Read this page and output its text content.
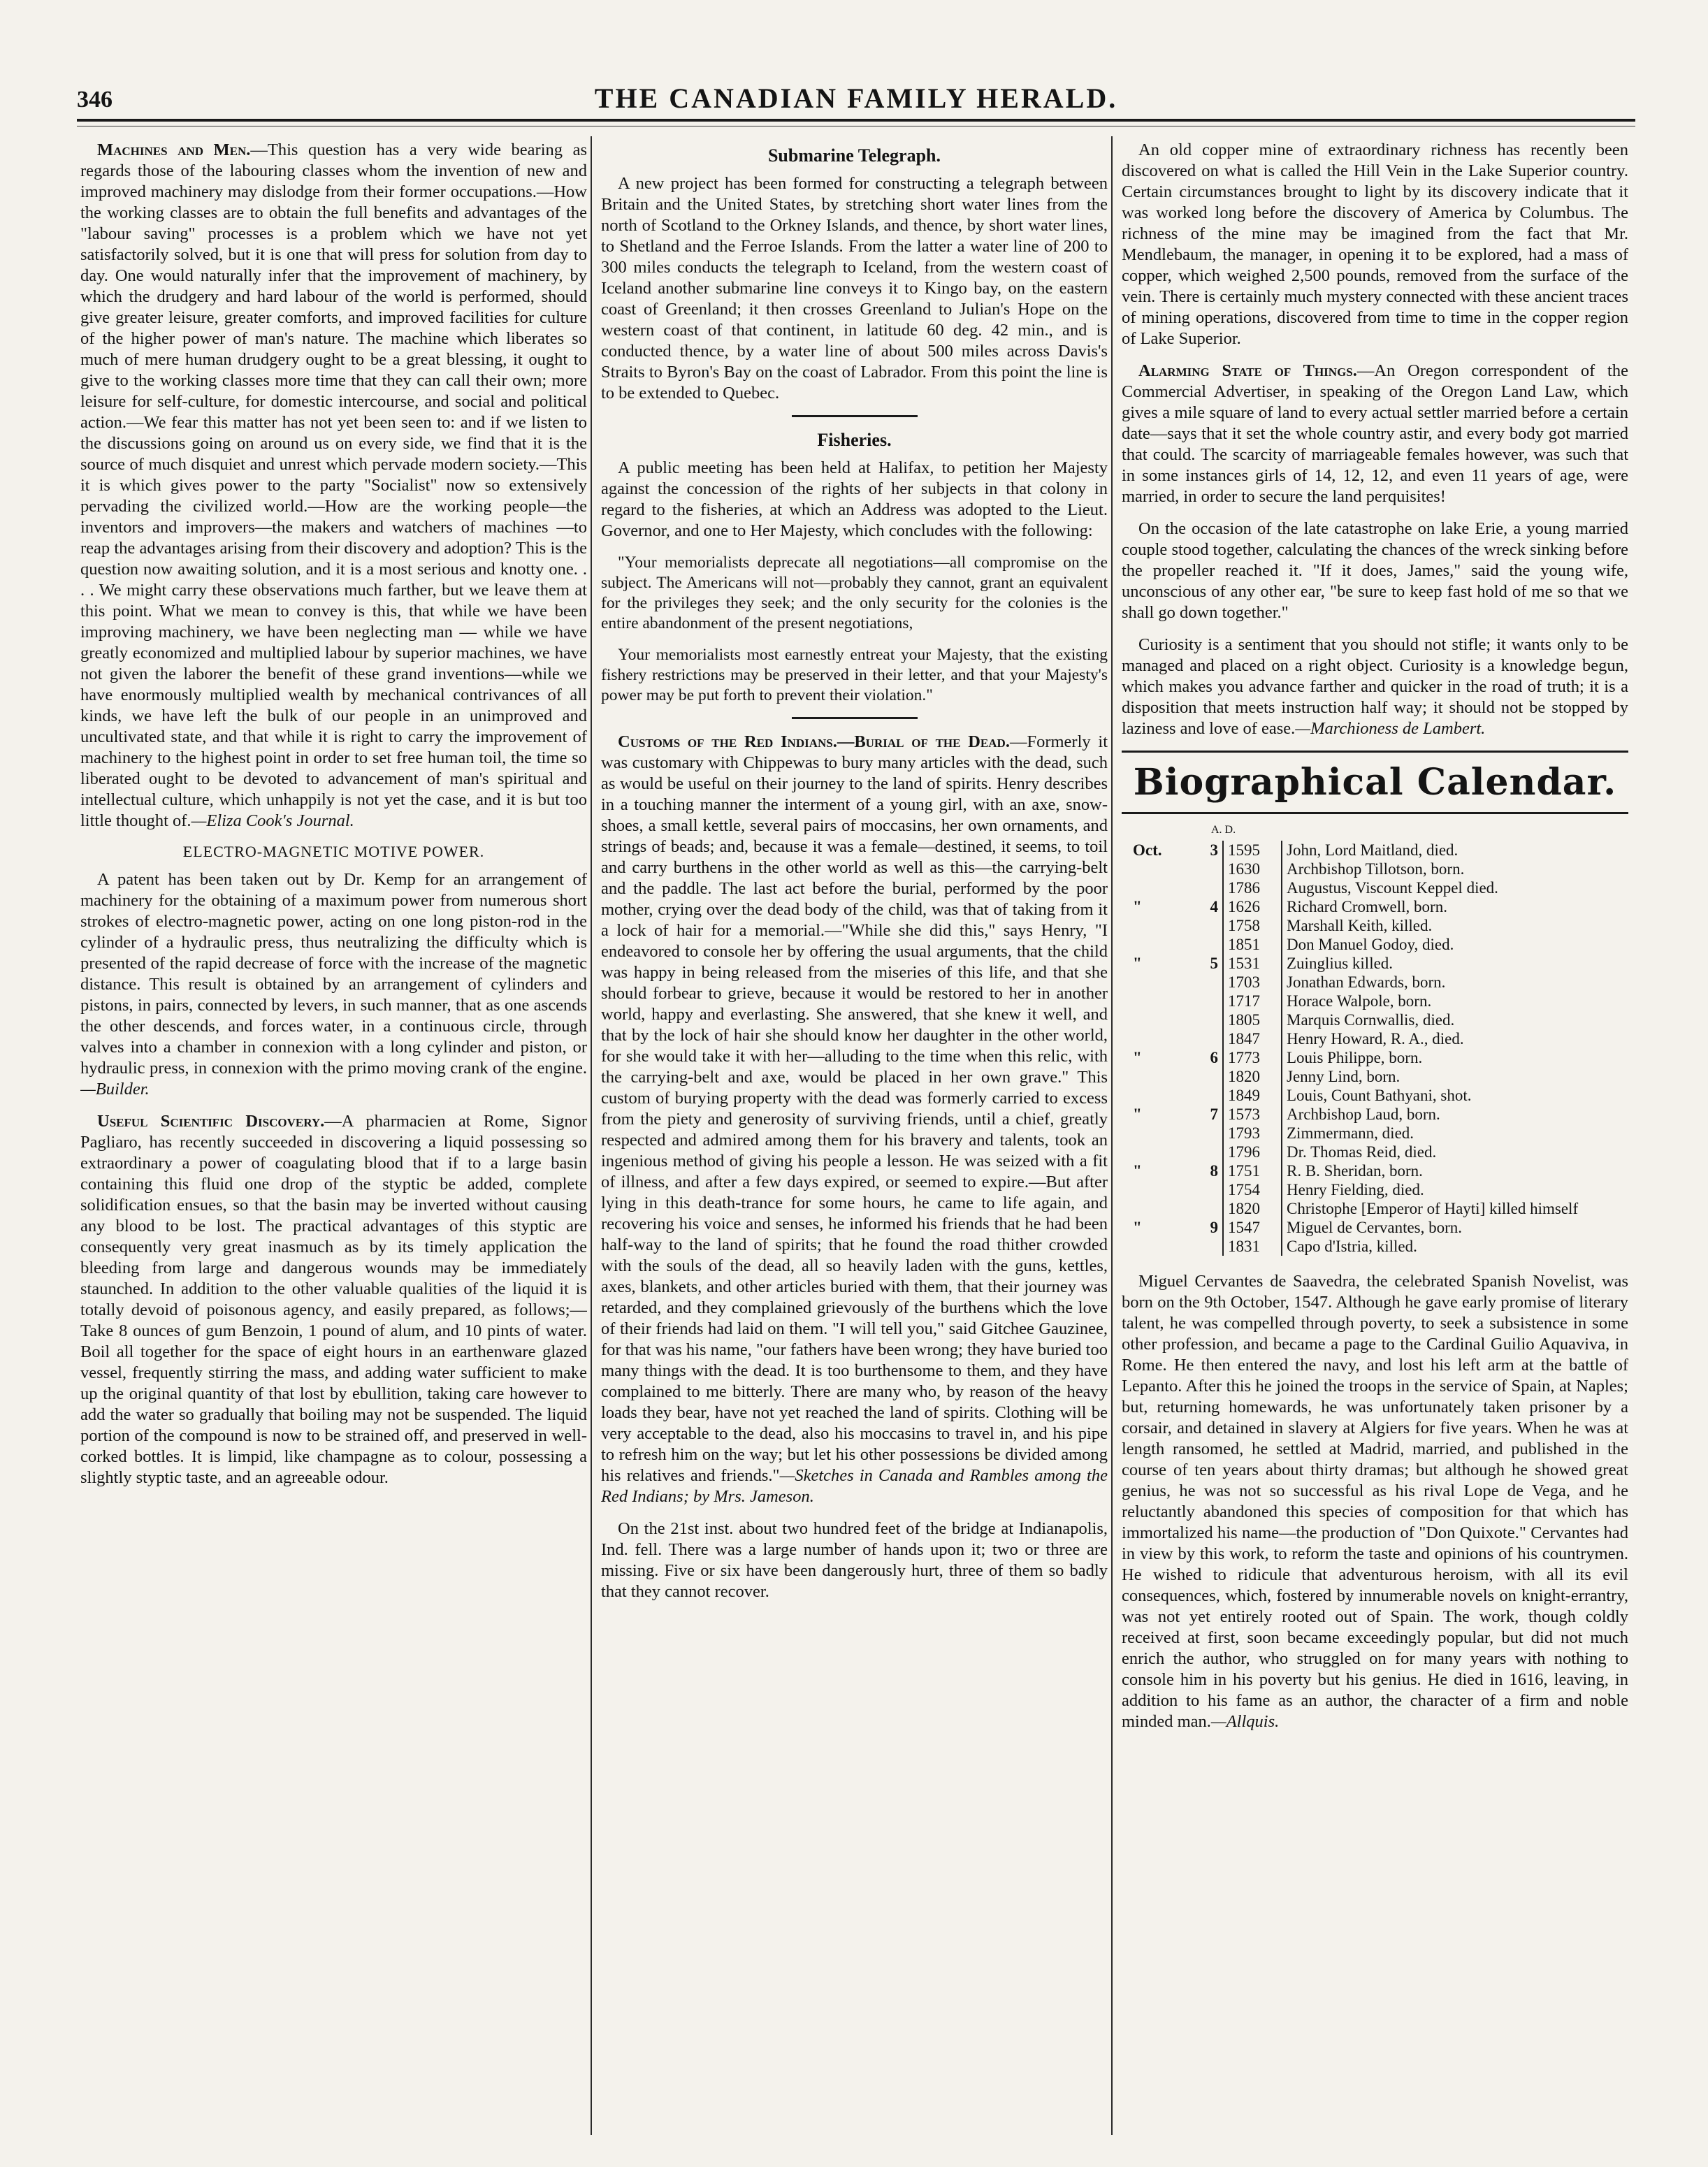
346	THE CANADIAN FAMILY HERALD.

Machines and Men.—This question has a very wide bearing as regards those of the labouring classes whom the invention of new and improved machinery may dislodge from their former occupations.—How the working classes are to obtain the full benefits and advantages of the "labour saving" processes is a problem which we have not yet satisfactorily solved, but it is one that will press for solution from day to day. One would naturally infer that the improvement of machinery, by which the drudgery and hard labour of the world is performed, should give greater leisure, greater comforts, and improved facilities for culture of the higher power of man's nature. The machine which liberates so much of mere human drudgery ought to be a great blessing, it ought to give to the working classes more time that they can call their own; more leisure for self-culture, for domestic intercourse, and social and political action.—We fear this matter has not yet been seen to: and if we listen to the discussions going on around us on every side, we find that it is the source of much disquiet and unrest which pervade modern society.—This it is which gives power to the party "Socialist" now so extensively pervading the civilized world.—How are the working people—the inventors and improvers—the makers and watchers of machines —to reap the advantages arising from their discovery and adoption? This is the question now awaiting solution, and it is a most serious and knotty one. . . . We might carry these observations much farther, but we leave them at this point. What we mean to convey is this, that while we have been improving machinery, we have been neglecting man — while we have greatly economized and multiplied labour by superior machines, we have not given the laborer the benefit of these grand inventions—while we have enormously multiplied wealth by mechanical contrivances of all kinds, we have left the bulk of our people in an unimproved and uncultivated state, and that while it is right to carry the improvement of machinery to the highest point in order to set free human toil, the time so liberated ought to be devoted to advancement of man's spiritual and intellectual culture, which unhappily is not yet the case, and it is but too little thought of.—Eliza Cook's Journal.

ELECTRO-MAGNETIC MOTIVE POWER.

A patent has been taken out by Dr. Kemp for an arrangement of machinery for the obtaining of a maximum power from numerous short strokes of electro-magnetic power, acting on one long piston-rod in the cylinder of a hydraulic press, thus neutralizing the difficulty which is presented of the rapid decrease of force with the increase of the magnetic distance. This result is obtained by an arrangement of cylinders and pistons, in pairs, connected by levers, in such manner, that as one ascends the other descends, and forces water, in a continuous circle, through valves into a chamber in connexion with a long cylinder and piston, or hydraulic press, in connexion with the primo moving crank of the engine.—Builder.

Useful Scientific Discovery.—A pharmacien at Rome, Signor Pagliaro, has recently succeeded in discovering a liquid possessing so extraordinary a power of coagulating blood that if to a large basin containing this fluid one drop of the styptic be added, complete solidification ensues, so that the basin may be inverted without causing any blood to be lost. The practical advantages of this styptic are consequently very great inasmuch as by its timely application the bleeding from large and dangerous wounds may be immediately staunched. In addition to the other valuable qualities of the liquid it is totally devoid of poisonous agency, and easily prepared, as follows;—Take 8 ounces of gum Benzoin, 1 pound of alum, and 10 pints of water. Boil all together for the space of eight hours in an earthenware glazed vessel, frequently stirring the mass, and adding water sufficient to make up the original quantity of that lost by ebullition, taking care however to add the water so gradually that boiling may not be suspended. The liquid portion of the compound is now to be strained off, and preserved in well-corked bottles. It is limpid, like champagne as to colour, possessing a slightly styptic taste, and an agreeable odour.

Submarine Telegraph.

A new project has been formed for constructing a telegraph between Britain and the United States, by stretching short water lines from the north of Scotland to the Orkney Islands, and thence, by short water lines, to Shetland and the Ferroe Islands. From the latter a water line of 200 to 300 miles conducts the telegraph to Iceland, from the western coast of Iceland another submarine line conveys it to Kingo bay, on the eastern coast of Greenland; it then crosses Greenland to Julian's Hope on the western coast of that continent, in latitude 60 deg. 42 min., and is conducted thence, by a water line of about 500 miles across Davis's Straits to Byron's Bay on the coast of Labrador. From this point the line is to be extended to Quebec.

Fisheries.

A public meeting has been held at Halifax, to petition her Majesty against the concession of the rights of her subjects in that colony in regard to the fisheries, at which an Address was adopted to the Lieut. Governor, and one to Her Majesty, which concludes with the following:

"Your memorialists deprecate all negotiations—all compromise on the subject. The Americans will not—probably they cannot, grant an equivalent for the privileges they seek; and the only security for the colonies is the entire abandonment of the present negotiations,

Your memorialists most earnestly entreat your Majesty, that the existing fishery restrictions may be preserved in their letter, and that your Majesty's power may be put forth to prevent their violation."

Customs of the Red Indians.—Burial of the Dead.—Formerly it was customary with Chippewas to bury many articles with the dead, such as would be useful on their journey to the land of spirits. Henry describes in a touching manner the interment of a young girl, with an axe, snow-shoes, a small kettle, several pairs of moccasins, her own ornaments, and strings of beads; and, because it was a female—destined, it seems, to toil and carry burthens in the other world as well as this—the carrying-belt and the paddle. The last act before the burial, performed by the poor mother, crying over the dead body of the child, was that of taking from it a lock of hair for a memorial.—"While she did this," says Henry, "I endeavored to console her by offering the usual arguments, that the child was happy in being released from the miseries of this life, and that she should forbear to grieve, because it would be restored to her in another world, happy and everlasting. She answered, that she knew it well, and that by the lock of hair she should know her daughter in the other world, for she would take it with her—alluding to the time when this relic, with the carrying-belt and axe, would be placed in her own grave." This custom of burying property with the dead was formerly carried to excess from the piety and generosity of surviving friends, until a chief, greatly respected and admired among them for his bravery and talents, took an ingenious method of giving his people a lesson. He was seized with a fit of illness, and after a few days expired, or seemed to expire.—But after lying in this death-trance for some hours, he came to life again, and recovering his voice and senses, he informed his friends that he had been half-way to the land of spirits; that he found the road thither crowded with the souls of the dead, all so heavily laden with the guns, kettles, axes, blankets, and other articles buried with them, that their journey was retarded, and they complained grievously of the burthens which the love of their friends had laid on them. "I will tell you," said Gitchee Gauzinee, for that was his name, "our fathers have been wrong; they have buried too many things with the dead. It is too burthensome to them, and they have complained to me bitterly. There are many who, by reason of the heavy loads they bear, have not yet reached the land of spirits. Clothing will be very acceptable to the dead, also his moccasins to travel in, and his pipe to refresh him on the way; but let his other possessions be divided among his relatives and friends."—Sketches in Canada and Rambles among the Red Indians; by Mrs. Jameson.

On the 21st inst. about two hundred feet of the bridge at Indianapolis, Ind. fell. There was a large number of hands upon it; two or three are missing. Five or six have been dangerously hurt, three of them so badly that they cannot recover.

An old copper mine of extraordinary richness has recently been discovered on what is called the Hill Vein in the Lake Superior country. Certain circumstances brought to light by its discovery indicate that it was worked long before the discovery of America by Columbus. The richness of the mine may be imagined from the fact that Mr. Mendlebaum, the manager, in opening it to be explored, had a mass of copper, which weighed 2,500 pounds, removed from the surface of the vein. There is certainly much mystery connected with these ancient traces of mining operations, discovered from time to time in the copper region of Lake Superior.

Alarming State of Things.—An Oregon correspondent of the Commercial Advertiser, in speaking of the Oregon Land Law, which gives a mile square of land to every actual settler married before a certain date—says that it set the whole country astir, and every body got married that could. The scarcity of marriageable females however, was such that in some instances girls of 14, 12, 12, and even 11 years of age, were married, in order to secure the land perquisites!

On the occasion of the late catastrophe on lake Erie, a young married couple stood together, calculating the chances of the wreck sinking before the propeller reached it. "If it does, James," said the young wife, unconscious of any other ear, "be sure to keep fast hold of me so that we shall go down together."

Curiosity is a sentiment that you should not stifle; it wants only to be managed and placed on a right object. Curiosity is a knowledge begun, which makes you advance farther and quicker in the road of truth; it is a disposition that meets instruction half way; it should not be stopped by laziness and love of ease.—Marchioness de Lambert.

Biographical Calendar.
A. D.
Oct.	3	1595	John, Lord Maitland, died.
		1630	Archbishop Tillotson, born.
		1786	Augustus, Viscount Keppel died.
"	4	1626	Richard Cromwell, born.
		1758	Marshall Keith, killed.
		1851	Don Manuel Godoy, died.
"	5	1531	Zuinglius killed.
		1703	Jonathan Edwards, born.
		1717	Horace Walpole, born.
		1805	Marquis Cornwallis, died.
		1847	Henry Howard, R. A., died.
"	6	1773	Louis Philippe, born.
		1820	Jenny Lind, born.
		1849	Louis, Count Bathyani, shot.
"	7	1573	Archbishop Laud, born.
		1793	Zimmermann, died.
		1796	Dr. Thomas Reid, died.
"	8	1751	R. B. Sheridan, born.
		1754	Henry Fielding, died.
		1820	Christophe [Emperor of Hayti] killed himself
"	9	1547	Miguel de Cervantes, born.
		1831	Capo d'Istria, killed.

Miguel Cervantes de Saavedra, the celebrated Spanish Novelist, was born on the 9th October, 1547. Although he gave early promise of literary talent, he was compelled through poverty, to seek a subsistence in some other profession, and became a page to the Cardinal Guilio Aquaviva, in Rome. He then entered the navy, and lost his left arm at the battle of Lepanto. After this he joined the troops in the service of Spain, at Naples; but, returning homewards, he was unfortunately taken prisoner by a corsair, and detained in slavery at Algiers for five years. When he was at length ransomed, he settled at Madrid, married, and published in the course of ten years about thirty dramas; but although he showed great genius, he was not so successful as his rival Lope de Vega, and he reluctantly abandoned this species of composition for that which has immortalized his name—the production of "Don Quixote." Cervantes had in view by this work, to reform the taste and opinions of his countrymen. He wished to ridicule that adventurous heroism, with all its evil consequences, which, fostered by innumerable novels on knight-errantry, was not yet entirely rooted out of Spain. The work, though coldly received at first, soon became exceedingly popular, but did not much enrich the author, who struggled on for many years with nothing to console him in his poverty but his genius. He died in 1616, leaving, in addition to his fame as an author, the character of a firm and noble minded man.—Allquis.
